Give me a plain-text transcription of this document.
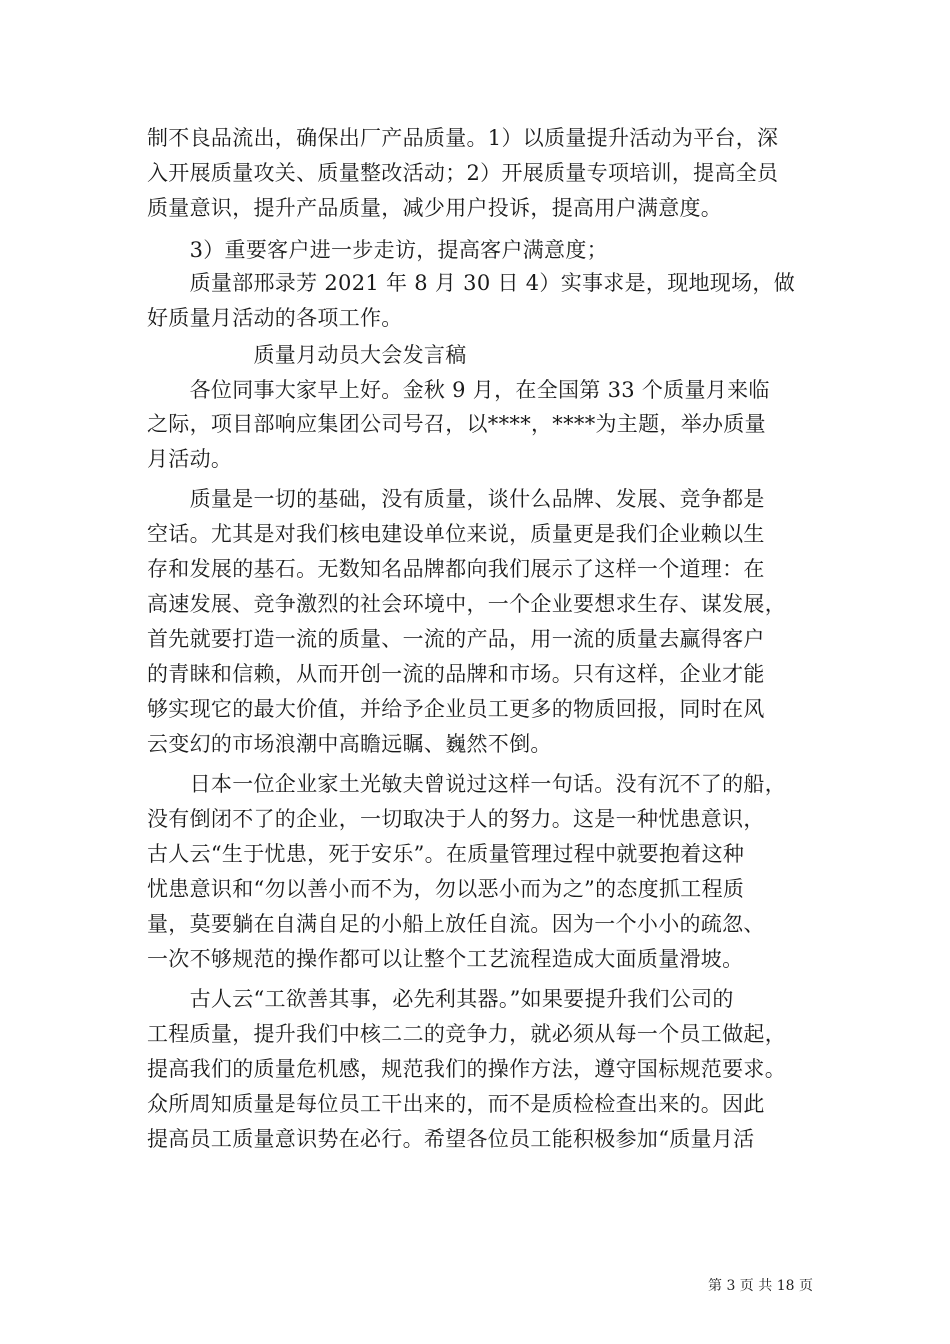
制不良品流出，确保出厂产品质量。1）以质量提升活动为平台，深
入开展质量攻关、质量整改活动；2）开展质量专项培训，提高全员
质量意识，提升产品质量，减少用户投诉，提高用户满意度。
　　3）重要客户进一步走访，提高客户满意度；
　　质量部邢录芳 2021 年 8 月 30 日 4）实事求是，现地现场，做
好质量月活动的各项工作。
　　　　　质量月动员大会发言稿
　　各位同事大家早上好。金秋 9 月，在全国第 33 个质量月来临
之际，项目部响应集团公司号召，以****，****为主题，举办质量
月活动。
　　质量是一切的基础，没有质量，谈什么品牌、发展、竞争都是
空话。尤其是对我们核电建设单位来说，质量更是我们企业赖以生
存和发展的基石。无数知名品牌都向我们展示了这样一个道理：在
高速发展、竞争激烈的社会环境中，一个企业要想求生存、谋发展，
首先就要打造一流的质量、一流的产品，用一流的质量去赢得客户
的青睐和信赖，从而开创一流的品牌和市场。只有这样，企业才能
够实现它的最大价值，并给予企业员工更多的物质回报，同时在风
云变幻的市场浪潮中高瞻远瞩、巍然不倒。
　　日本一位企业家土光敏夫曾说过这样一句话。没有沉不了的船，
没有倒闭不了的企业，一切取决于人的努力。这是一种忧患意识，
古人云“生于忧患，死于安乐”。在质量管理过程中就要抱着这种
忧患意识和“勿以善小而不为，勿以恶小而为之”的态度抓工程质
量，莫要躺在自满自足的小船上放任自流。因为一个小小的疏忽、
一次不够规范的操作都可以让整个工艺流程造成大面质量滑坡。
　　古人云“工欲善其事，必先利其器。”如果要提升我们公司的
工程质量，提升我们中核二二的竞争力，就必须从每一个员工做起，
提高我们的质量危机感，规范我们的操作方法，遵守国标规范要求。
众所周知质量是每位员工干出来的，而不是质检检查出来的。因此
提高员工质量意识势在必行。希望各位员工能积极参加“质量月活
第 3 页 共 18 页
